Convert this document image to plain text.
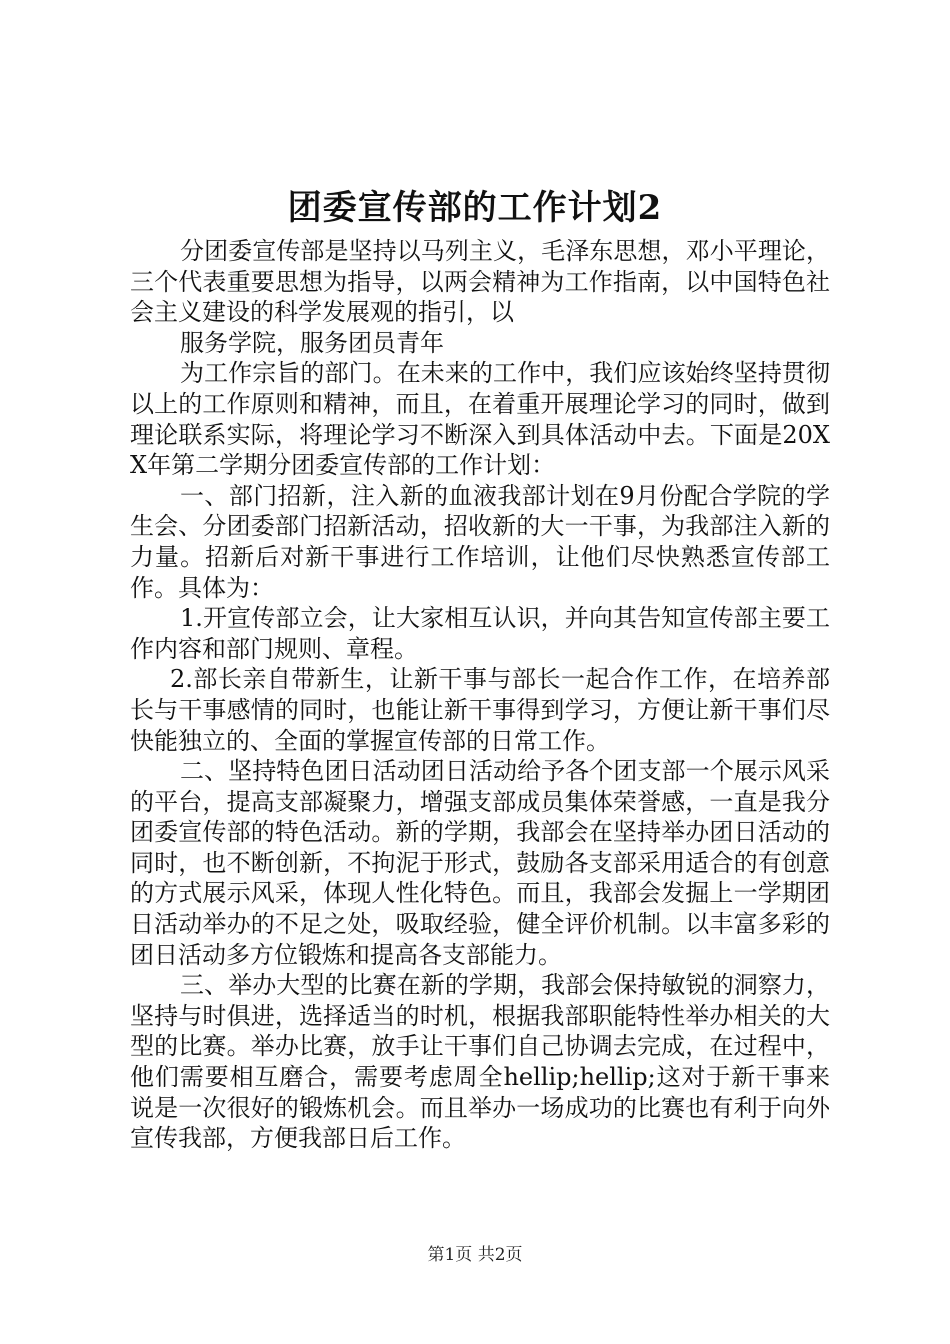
团委宣传部的工作计划2

分团委宣传部是坚持以马列主义，毛泽东思想，邓小平理论，三个代表重要思想为指导，以两会精神为工作指南，以中国特色社会主义建设的科学发展观的指引，以

服务学院，服务团员青年

为工作宗旨的部门。在未来的工作中，我们应该始终坚持贯彻以上的工作原则和精神，而且，在着重开展理论学习的同时，做到理论联系实际，将理论学习不断深入到具体活动中去。下面是20XX年第二学期分团委宣传部的工作计划：

一、部门招新，注入新的血液我部计划在9月份配合学院的学生会、分团委部门招新活动，招收新的大一干事，为我部注入新的力量。招新后对新干事进行工作培训，让他们尽快熟悉宣传部工作。具体为：

1.开宣传部立会，让大家相互认识，并向其告知宣传部主要工作内容和部门规则、章程。

2.部长亲自带新生，让新干事与部长一起合作工作，在培养部长与干事感情的同时，也能让新干事得到学习，方便让新干事们尽快能独立的、全面的掌握宣传部的日常工作。

二、坚持特色团日活动团日活动给予各个团支部一个展示风采的平台，提高支部凝聚力，增强支部成员集体荣誉感，一直是我分团委宣传部的特色活动。新的学期，我部会在坚持举办团日活动的同时，也不断创新，不拘泥于形式，鼓励各支部采用适合的有创意的方式展示风采，体现人性化特色。而且，我部会发掘上一学期团日活动举办的不足之处，吸取经验，健全评价机制。以丰富多彩的团日活动多方位锻炼和提高各支部能力。

三、举办大型的比赛在新的学期，我部会保持敏锐的洞察力，坚持与时俱进，选择适当的时机，根据我部职能特性举办相关的大型的比赛。举办比赛，放手让干事们自己协调去完成，在过程中，他们需要相互磨合，需要考虑周全hellip;hellip;这对于新干事来说是一次很好的锻炼机会。而且举办一场成功的比赛也有利于向外宣传我部，方便我部日后工作。

第1页 共2页
